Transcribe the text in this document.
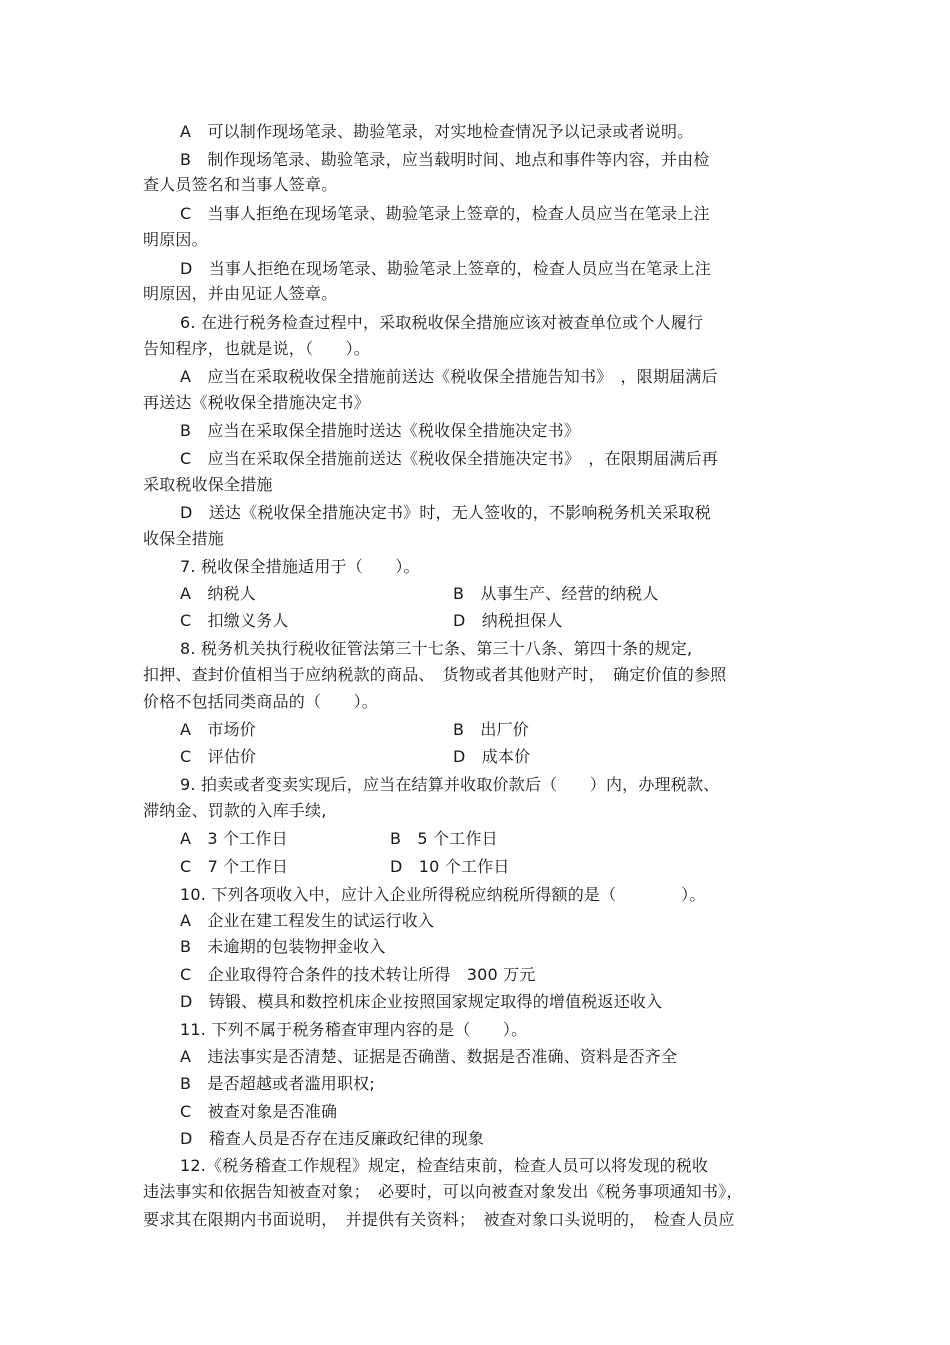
A　可以制作现场笔录、勘验笔录，对实地检查情况予以记录或者说明。
B　制作现场笔录、勘验笔录，应当载明时间、地点和事件等内容，并由检
查人员签名和当事人签章。
C　当事人拒绝在现场笔录、勘验笔录上签章的，检查人员应当在笔录上注
明原因。
D　当事人拒绝在现场笔录、勘验笔录上签章的，检查人员应当在笔录上注
明原因，并由见证人签章。
6. 在进行税务检查过程中，采取税收保全措施应该对被查单位或个人履行
告知程序，也就是说，（　　）。
A　应当在采取税收保全措施前送达《税收保全措施告知书》　，限期届满后
再送达《税收保全措施决定书》
B　应当在采取保全措施时送达《税收保全措施决定书》
C　应当在采取保全措施前送达《税收保全措施决定书》　，在限期届满后再
采取税收保全措施
D　送达《税收保全措施决定书》时，无人签收的，不影响税务机关采取税
收保全措施
7. 税收保全措施适用于（　　）。
A　纳税人	B　从事生产、经营的纳税人
C　扣缴义务人	D　纳税担保人
8. 税务机关执行税收征管法第三十七条、第三十八条、第四十条的规定,
扣押、查封价值相当于应纳税款的商品、　货物或者其他财产时，　确定价值的参照
价格不包括同类商品的（　　）。
A　市场价	B　出厂价
C　评估价	D　成本价
9. 拍卖或者变卖实现后，应当在结算并收取价款后（　　）内，办理税款、
滞纳金、罚款的入库手续,
A　3 个工作日	B　5 个工作日
C　7 个工作日	D　10 个工作日
10. 下列各项收入中，应计入企业所得税应纳税所得额的是（　　　　）。
A　企业在建工程发生的试运行收入
B　未逾期的包装物押金收入
C　企业取得符合条件的技术转让所得　300 万元
D　铸锻、模具和数控机床企业按照国家规定取得的增值税返还收入
11. 下列不属于税务稽查审理内容的是（　　）。
A　违法事实是否清楚、证据是否确凿、数据是否准确、资料是否齐全
B　是否超越或者滥用职权;
C　被查对象是否准确
D　稽查人员是否存在违反廉政纪律的现象
12.《税务稽查工作规程》规定，检查结束前，检查人员可以将发现的税收
违法事实和依据告知被查对象；　必要时，可以向被查对象发出《税务事项通知书》，
要求其在限期内书面说明，　并提供有关资料；　被查对象口头说明的，　检查人员应
